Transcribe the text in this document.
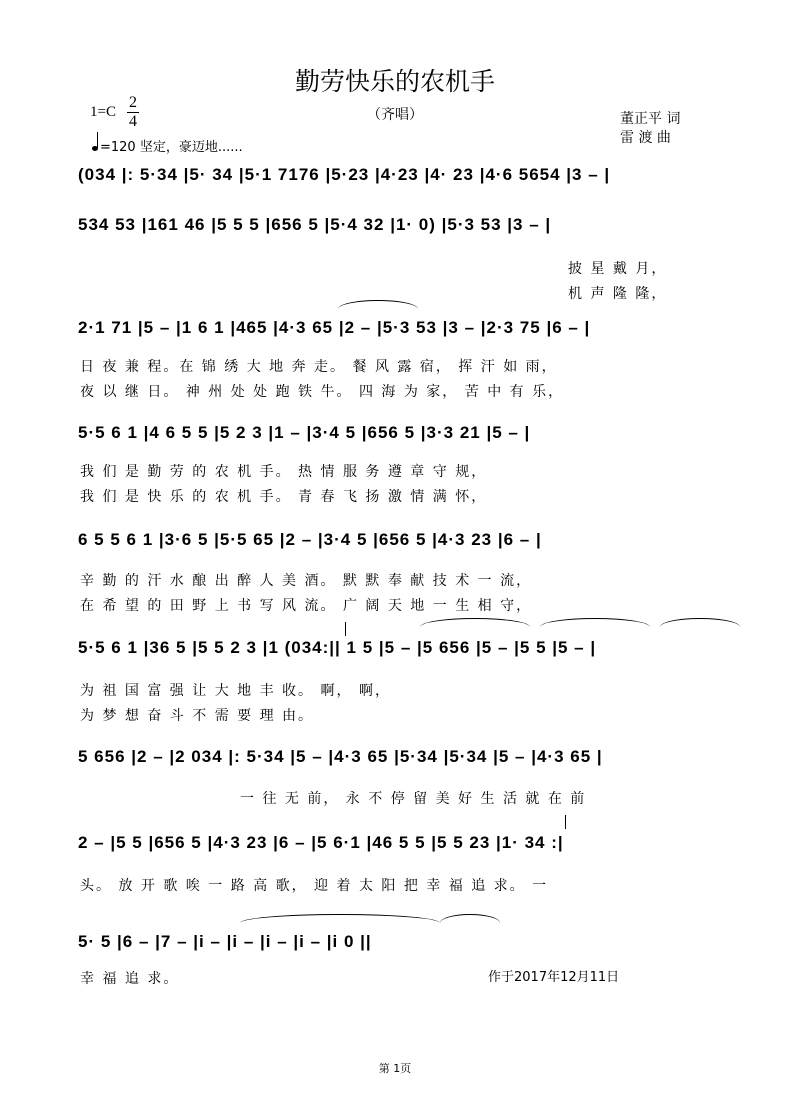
勤劳快乐的农机手
（齐唱）
1=C
2
4
=120 坚定，豪迈地......
董正平 词
雷 渡 曲
(034 |: 5·34 |5· 34 |5·1 7176 |5·23 |4·23 |4· 23 |4·6 5654 |3 – |
534 53 |161 46 |5 5 5 |656 5 |5·4 32 |1· 0) |5·3 53 |3 – |
披 星 戴 月，
机 声 隆 隆，
2·1 71 |5 – |1 6 1 |465 |4·3 65 |2 – |5·3 53 |3 – |2·3 75 |6 – |
日 夜 兼 程。在 锦 绣 大 地 奔 走。 餐 风 露 宿， 挥 汗 如 雨，
夜 以 继 日。 神 州 处 处 跑 铁 牛。 四 海 为 家， 苦 中 有 乐，
5·5 6 1 |4 6 5 5 |5 2 3 |1 – |3·4 5 |656 5 |3·3 21 |5 – |
我 们 是 勤 劳 的 农 机 手。 热 情 服 务 遵 章 守 规，
我 们 是 快 乐 的 农 机 手。 青 春 飞 扬 激 情 满 怀，
6 5 5 6 1 |3·6 5 |5·5 65 |2 – |3·4 5 |656 5 |4·3 23 |6 – |
辛 勤 的 汗 水 酿 出 醉 人 美 酒。 默 默 奉 献 技 术 一 流，
在 希 望 的 田 野 上 书 写 风 流。 广 阔 天 地 一 生 相 守，
5·5 6 1 |36 5 |5 5 2 3 |1 (034:|| 1 5 |5 – |5 656 |5 – |5 5 |5 – |
为 祖 国 富 强 让 大 地 丰 收。 啊， 啊，
为 梦 想 奋 斗 不 需 要 理 由。
5 656 |2 – |2 034 |: 5·34 |5 – |4·3 65 |5·34 |5·34 |5 – |4·3 65 |
一 往 无 前， 永 不 停 留 美 好 生 活 就 在 前
2 – |5 5 |656 5 |4·3 23 |6 – |5 6·1 |46 5 5 |5 5 23 |1· 34 :|
头。 放 开 歌 唉 一 路 高 歌， 迎 着 太 阳 把 幸 福 追 求。 一
5· 5 |6 – |7 – |i – |i – |i – |i – |i 0 ||
幸 福 追 求。	作于2017年12月11日
第 1页
